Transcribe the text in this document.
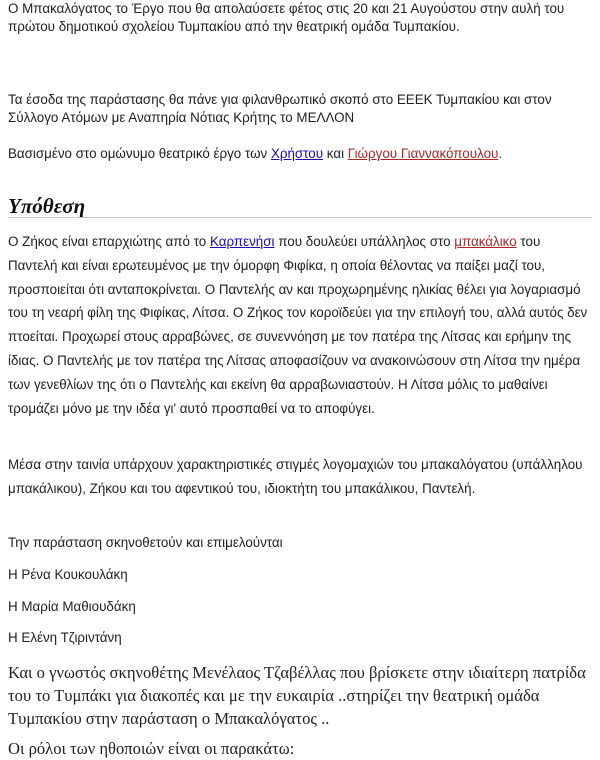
Ο Μπακαλόγατος το Έργο που θα απολαύσετε φέτος στις 20 και 21 Αυγούστου στην αυλή του πρώτου δημοτικού σχολείου Τυμπακίου από την θεατρική ομάδα Τυμπακίου.

Τα έσοδα της παράστασης θα πάνε για φιλανθρωπικό σκοπό στο ΕΕΕΚ Τυμπακίου και στον Σύλλογο Ατόμων με Αναπηρία Νότιας Κρήτης το ΜΕΛΛΟΝ

Βασισμένο στο ομώνυμο θεατρικό έργο των Χρήστου και Γιώργου Γιαννακόπουλου.

Υπόθεση

Ο Ζήκος είναι επαρχιώτης από το Καρπενήσι που δουλεύει υπάλληλος στο μπακάλικο του Παντελή και είναι ερωτευμένος με την όμορφη Φιφίκα, η οποία θέλοντας να παίξει μαζί του, προσποιείται ότι ανταποκρίνεται. Ο Παντελής αν και προχωρημένης ηλικίας θέλει για λογαριασμό του τη νεαρή φίλη της Φιφίκας, Λίτσα. Ο Ζήκος τον κοροϊδεύει για την επιλογή του, αλλά αυτός δεν πτοείται. Προχωρεί στους αρραβώνες, σε συνεννόηση με τον πατέρα της Λίτσας και ερήμην της ίδιας. Ο Παντελής με τον πατέρα της Λίτσας αποφασίζουν να ανακοινώσουν στη Λίτσα την ημέρα των γενεθλίων της ότι ο Παντελής και εκείνη θα αρραβωνιαστούν. Η Λίτσα μόλις το μαθαίνει τρομάζει μόνο με την ιδέα γι' αυτό προσπαθεί να το αποφύγει.

Μέσα στην ταινία υπάρχουν χαρακτηριστικές στιγμές λογομαχιών του μπακαλόγατου (υπάλληλου μπακάλικου), Ζήκου και του αφεντικού του, ιδιοκτήτη του μπακάλικου, Παντελή.

Την παράσταση σκηνοθετούν και επιμελούνται

Η Ρένα Κουκουλάκη

Η Μαρία Μαθιουδάκη

Η Ελένη Τζιριντάνη

Και ο γνωστός σκηνοθέτης Μενέλαος Τζαβέλλας που βρίσκετε στην ιδιαίτερη πατρίδα του το Τυμπάκι για διακοπές και με την ευκαιρία ..στηρίζει την θεατρική ομάδα Τυμπακίου στην παράσταση ο Μπακαλόγατος ..

Οι ρόλοι των ηθοποιών είναι οι παρακάτω:
